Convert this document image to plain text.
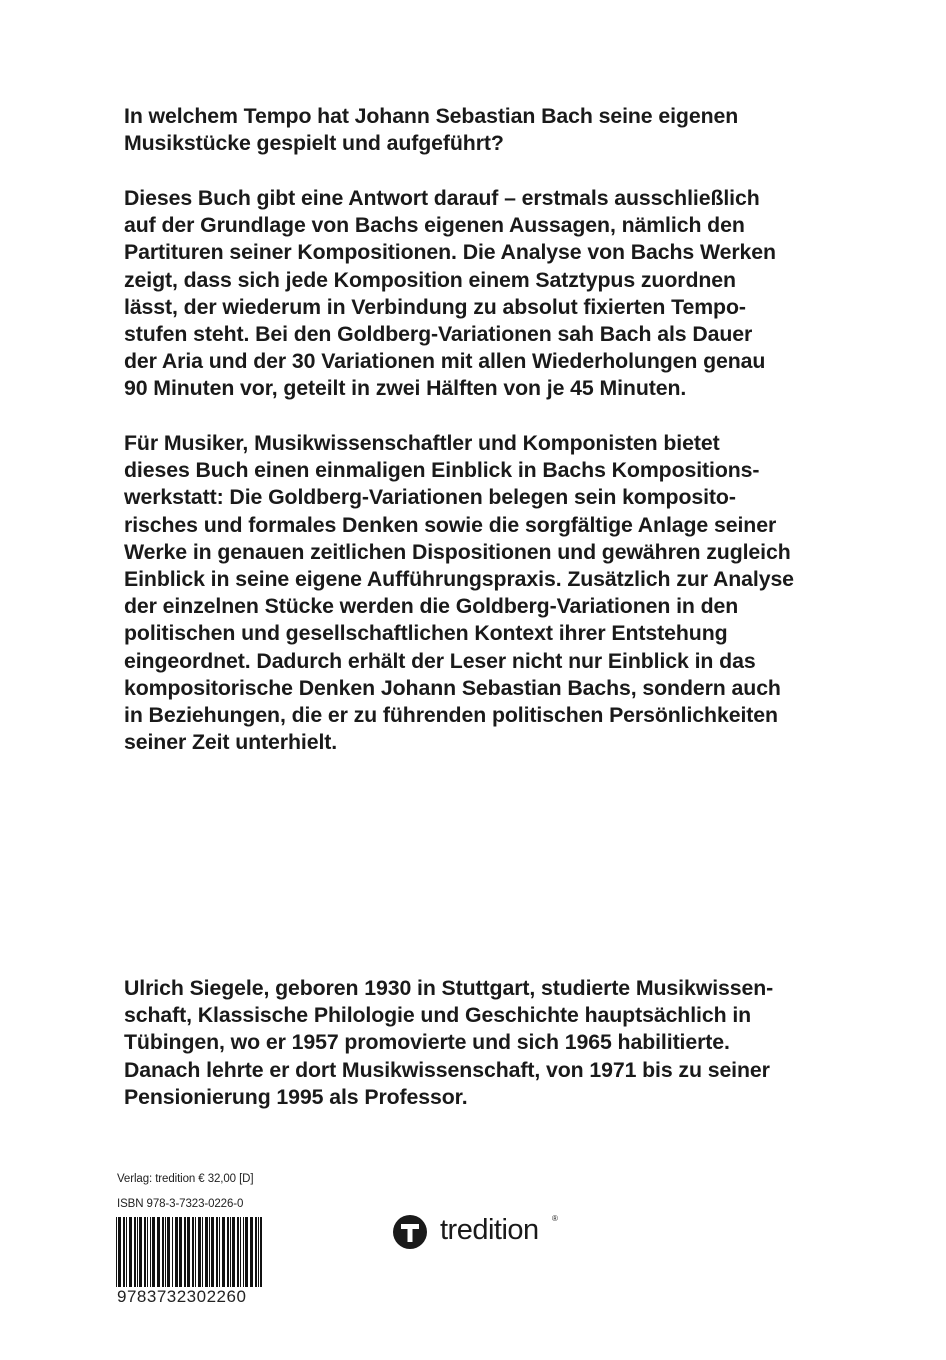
In welchem Tempo hat Johann Sebastian Bach seine eigenen
Musikstücke gespielt und aufgeführt?
Dieses Buch gibt eine Antwort darauf – erstmals ausschließlich
auf der Grundlage von Bachs eigenen Aussagen, nämlich den
Partituren seiner Kompositionen. Die Analyse von Bachs Werken
zeigt, dass sich jede Komposition einem Satztypus zuordnen
lässt, der wiederum in Verbindung zu absolut fixierten Tempo-
stufen steht. Bei den Goldberg-Variationen sah Bach als Dauer
der Aria und der 30 Variationen mit allen Wiederholungen genau
90 Minuten vor, geteilt in zwei Hälften von je 45 Minuten.
Für Musiker, Musikwissenschaftler und Komponisten bietet
dieses Buch einen einmaligen Einblick in Bachs Kompositions-
werkstatt: Die Goldberg-Variationen belegen sein komposito-
risches und formales Denken sowie die sorgfältige Anlage seiner
Werke in genauen zeitlichen Dispositionen und gewähren zugleich
Einblick in seine eigene Aufführungspraxis. Zusätzlich zur Analyse
der einzelnen Stücke werden die Goldberg-Variationen in den
politischen und gesellschaftlichen Kontext ihrer Entstehung
eingeordnet. Dadurch erhält der Leser nicht nur Einblick in das
kompositorische Denken Johann Sebastian Bachs, sondern auch
in Beziehungen, die er zu führenden politischen Persönlichkeiten
seiner Zeit unterhielt.
Ulrich Siegele, geboren 1930 in Stuttgart, studierte Musikwissen-
schaft, Klassische Philologie und Geschichte hauptsächlich in
Tübingen, wo er 1957 promovierte und sich 1965 habilitierte.
Danach lehrte er dort Musikwissenschaft, von 1971 bis zu seiner
Pensionierung 1995 als Professor.
Verlag: tredition € 32,00 [D]
ISBN 978-3-7323-0226-0
9783732302260
tredition ®
